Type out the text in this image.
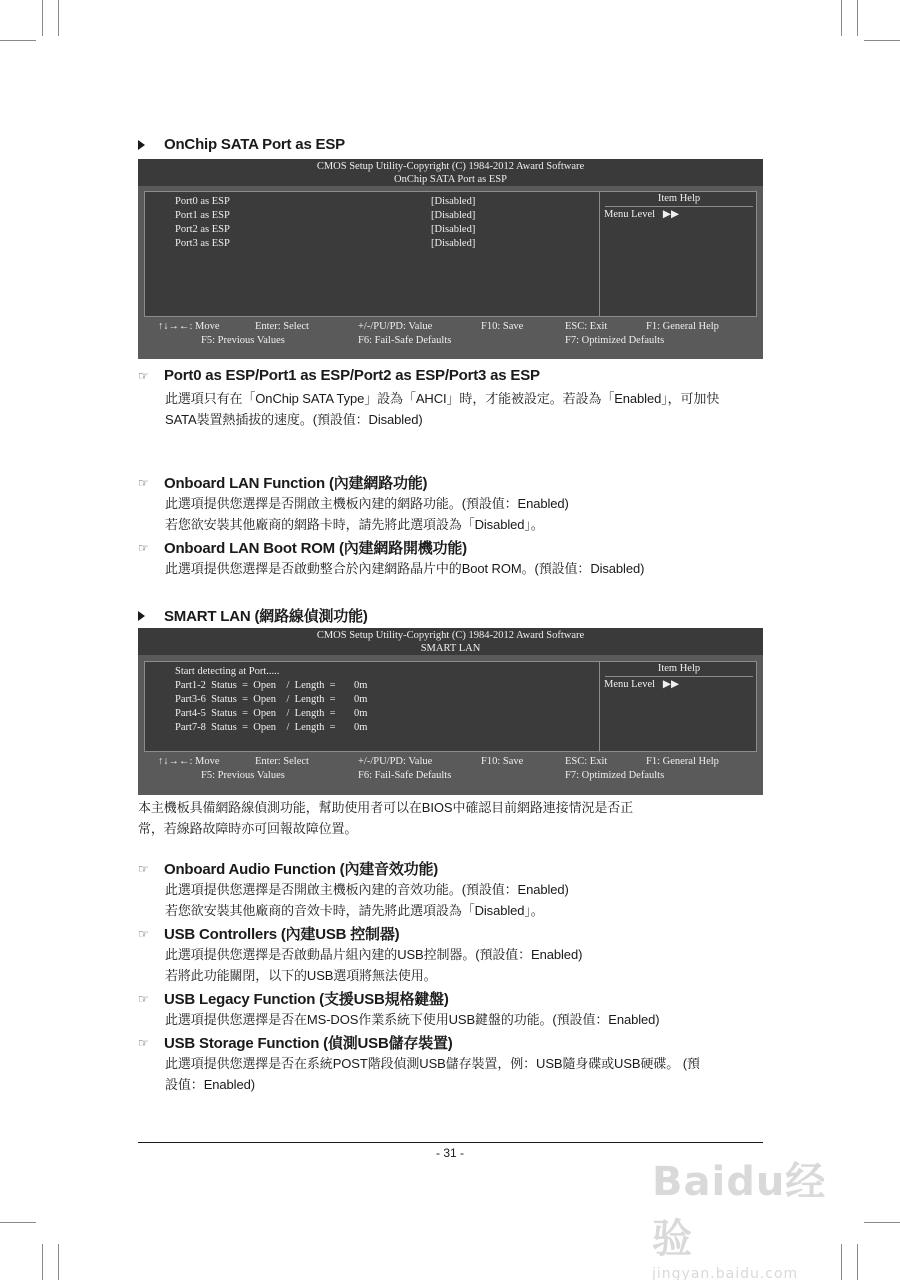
OnChip SATA Port as ESP
CMOS Setup Utility-Copyright (C) 1984-2012 Award Software
OnChip SATA Port as ESP
Port0 as ESP	[Disabled]
Port1 as ESP	[Disabled]
Port2 as ESP	[Disabled]
Port3 as ESP	[Disabled]
Item Help
Menu Level   ▶▶
↑↓→←: Move	Enter: Select	+/-/PU/PD: Value	F10: Save	ESC: Exit	F1: General Help
F5: Previous Values	F6: Fail-Safe Defaults	F7: Optimized Defaults
☞	Port0 as ESP/Port1 as ESP/Port2 as ESP/Port3 as ESP
此選項只有在「OnChip SATA Type」設為「AHCI」時，才能被設定。若設為「Enabled」，可加快
SATA裝置熱插拔的速度。(預設值：Disabled)
☞	Onboard LAN Function (內建網路功能)
此選項提供您選擇是否開啟主機板內建的網路功能。(預設值：Enabled)
若您欲安裝其他廠商的網路卡時，請先將此選項設為「Disabled」。
☞	Onboard LAN Boot ROM (內建網路開機功能)
此選項提供您選擇是否啟動整合於內建網路晶片中的Boot ROM。(預設值：Disabled)
SMART LAN (網路線偵測功能)
CMOS Setup Utility-Copyright (C) 1984-2012 Award Software
SMART LAN
Start detecting at Port.....
Part1-2  Status  =  Open    /  Length  =       0m
Part3-6  Status  =  Open    /  Length  =       0m
Part4-5  Status  =  Open    /  Length  =       0m
Part7-8  Status  =  Open    /  Length  =       0m
Item Help
Menu Level   ▶▶
↑↓→←: Move	Enter: Select	+/-/PU/PD: Value	F10: Save	ESC: Exit	F1: General Help
F5: Previous Values	F6: Fail-Safe Defaults	F7: Optimized Defaults
本主機板具備網路線偵測功能，幫助使用者可以在BIOS中確認目前網路連接情況是否正
常，若線路故障時亦可回報故障位置。
☞	Onboard Audio Function (內建音效功能)
此選項提供您選擇是否開啟主機板內建的音效功能。(預設值：Enabled)
若您欲安裝其他廠商的音效卡時，請先將此選項設為「Disabled」。
☞	USB Controllers (內建USB 控制器)
此選項提供您選擇是否啟動晶片組內建的USB控制器。(預設值：Enabled)
若將此功能關閉，以下的USB選項將無法使用。
☞	USB Legacy Function (支援USB規格鍵盤)
此選項提供您選擇是否在MS-DOS作業系統下使用USB鍵盤的功能。(預設值：Enabled)
☞	USB Storage Function (偵測USB儲存裝置)
此選項提供您選擇是否在系統POST階段偵測USB儲存裝置，例：USB隨身碟或USB硬碟。 (預
設值：Enabled)
- 31 -
Baidu经验
jingyan.baidu.com
